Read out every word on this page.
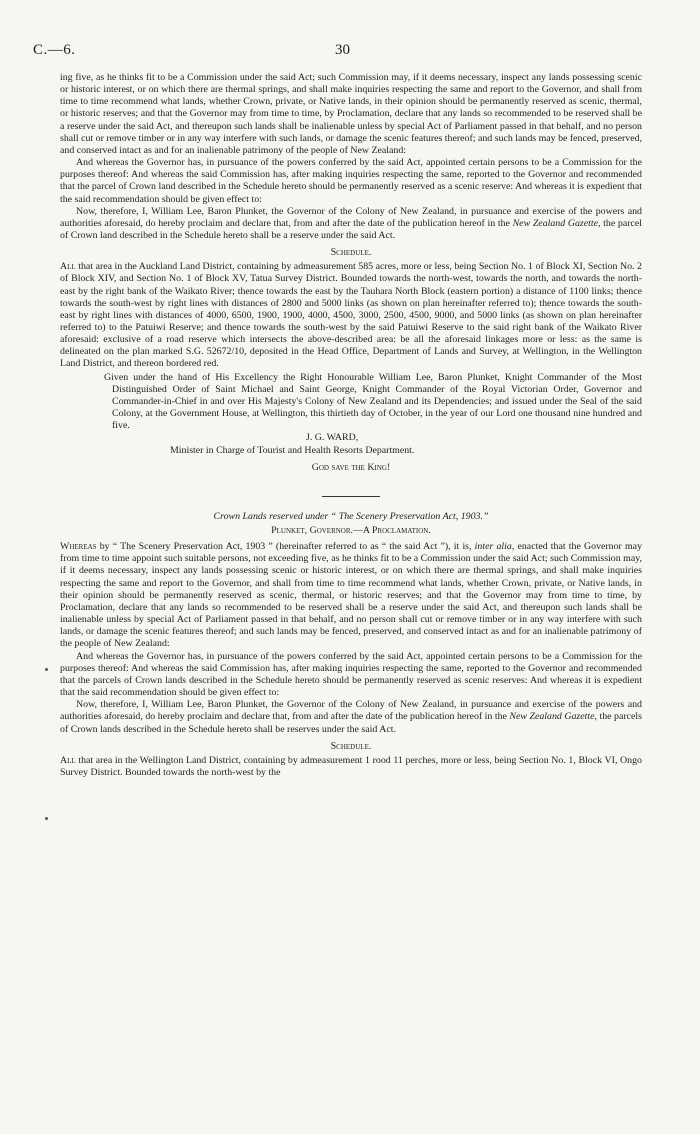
C.—6.	30

ing five, as he thinks fit to be a Commission under the said Act; such Commission may, if it deems necessary, inspect any lands possessing scenic or historic interest, or on which there are thermal springs, and shall make inquiries respecting the same and report to the Governor, and shall from time to time recommend what lands, whether Crown, private, or Native lands, in their opinion should be permanently reserved as scenic, thermal, or historic reserves; and that the Governor may from time to time, by Proclamation, declare that any lands so recommended to be reserved shall be a reserve under the said Act, and thereupon such lands shall be inalienable unless by special Act of Parliament passed in that behalf, and no person shall cut or remove timber or in any way interfere with such lands, or damage the scenic features thereof; and such lands may be fenced, preserved, and conserved intact as and for an inalienable patrimony of the people of New Zealand:

And whereas the Governor has, in pursuance of the powers conferred by the said Act, appointed certain persons to be a Commission for the purposes thereof: And whereas the said Commission has, after making inquiries respecting the same, reported to the Governor and recommended that the parcel of Crown land described in the Schedule hereto should be permanently reserved as a scenic reserve: And whereas it is expedient that the said recommendation should be given effect to:

Now, therefore, I, William Lee, Baron Plunket, the Governor of the Colony of New Zealand, in pursuance and exercise of the powers and authorities aforesaid, do hereby proclaim and declare that, from and after the date of the publication hereof in the New Zealand Gazette, the parcel of Crown land described in the Schedule hereto shall be a reserve under the said Act.

Schedule.

All that area in the Auckland Land District, containing by admeasurement 585 acres, more or less, being Section No. 1 of Block XI, Section No. 2 of Block XIV, and Section No. 1 of Block XV, Tatua Survey District. Bounded towards the north-west, towards the north, and towards the north-east by the right bank of the Waikato River; thence towards the east by the Tauhara North Block (eastern portion) a distance of 1100 links; thence towards the south-west by right lines with distances of 2800 and 5000 links (as shown on plan hereinafter referred to); thence towards the south-east by right lines with distances of 4000, 6500, 1900, 1900, 4000, 4500, 3000, 2500, 4500, 9000, and 5000 links (as shown on plan hereinafter referred to) to the Patuiwi Reserve; and thence towards the south-west by the said Patuiwi Reserve to the said right bank of the Waikato River aforesaid: exclusive of a road reserve which intersects the above-described area: be all the aforesaid linkages more or less: as the same is delineated on the plan marked S.G. 52672/10, deposited in the Head Office, Department of Lands and Survey, at Wellington, in the Wellington Land District, and thereon bordered red.

Given under the hand of His Excellency the Right Honourable William Lee, Baron Plunket, Knight Commander of the Most Distinguished Order of Saint Michael and Saint George, Knight Commander of the Royal Victorian Order, Governor and Commander-in-Chief in and over His Majesty's Colony of New Zealand and its Dependencies; and issued under the Seal of the said Colony, at the Government House, at Wellington, this thirtieth day of October, in the year of our Lord one thousand nine hundred and five.

J. G. WARD,

Minister in Charge of Tourist and Health Resorts Department.

God save the King!

Crown Lands reserved under “ The Scenery Preservation Act, 1903.”

Plunket, Governor.—A Proclamation.

Whereas by “ The Scenery Preservation Act, 1903 ” (hereinafter referred to as “ the said Act ”), it is, inter alia, enacted that the Governor may from time to time appoint such suitable persons, not exceeding five, as he thinks fit to be a Commission under the said Act; such Commission may, if it deems necessary, inspect any lands possessing scenic or historic interest, or on which there are thermal springs, and shall make inquiries respecting the same and report to the Governor, and shall from time to time recommend what lands, whether Crown, private, or Native lands, in their opinion should be permanently reserved as scenic, thermal, or historic reserves; and that the Governor may from time to time, by Proclamation, declare that any lands so recommended to be reserved shall be a reserve under the said Act, and thereupon such lands shall be inalienable unless by special Act of Parliament passed in that behalf, and no person shall cut or remove timber or in any way interfere with such lands, or damage the scenic features thereof; and such lands may be fenced, preserved, and conserved intact as and for an inalienable patrimony of the people of New Zealand:

And whereas the Governor has, in pursuance of the powers conferred by the said Act, appointed certain persons to be a Commission for the purposes thereof: And whereas the said Commission has, after making inquiries respecting the same, reported to the Governor and recommended that the parcels of Crown lands described in the Schedule hereto should be permanently reserved as scenic reserves: And whereas it is expedient that the said recommendation should be given effect to:

Now, therefore, I, William Lee, Baron Plunket, the Governor of the Colony of New Zealand, in pursuance and exercise of the powers and authorities aforesaid, do hereby proclaim and declare that, from and after the date of the publication hereof in the New Zealand Gazette, the parcels of Crown lands described in the Schedule hereto shall be reserves under the said Act.

Schedule.

All that area in the Wellington Land District, containing by admeasurement 1 rood 11 perches, more or less, being Section No. 1, Block VI, Ongo Survey District. Bounded towards the north-west by the
